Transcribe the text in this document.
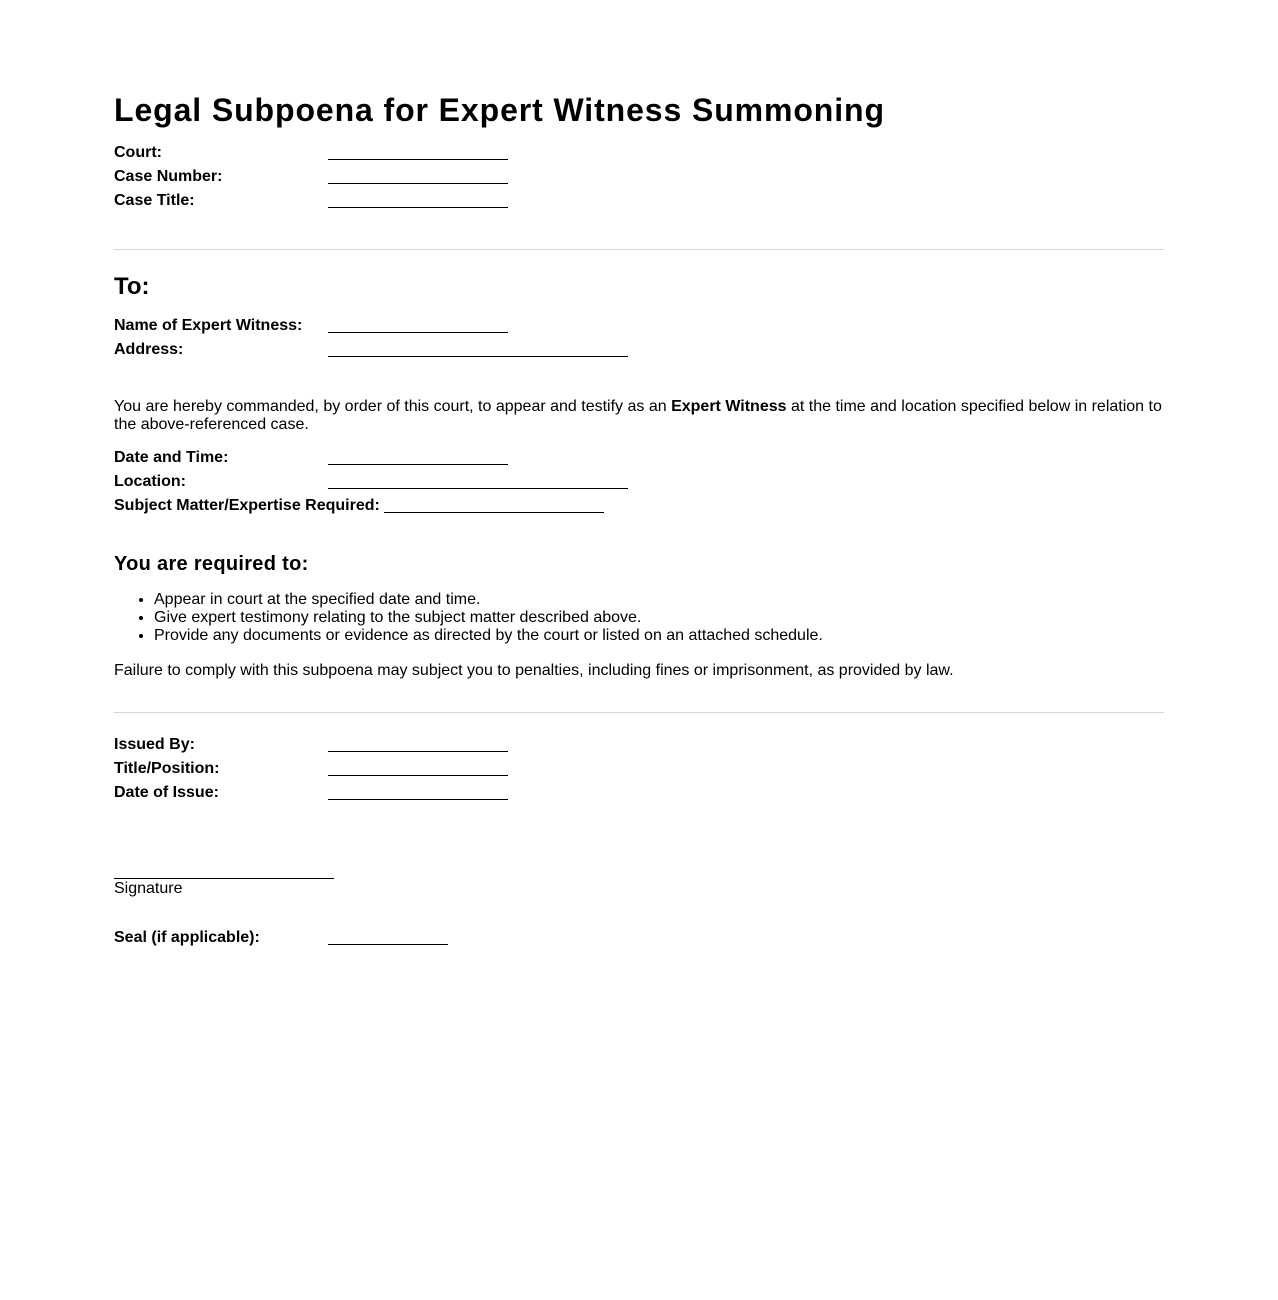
Legal Subpoena for Expert Witness Summoning
Court:
Case Number:
Case Title:
To:
Name of Expert Witness:
Address:

You are hereby commanded, by order of this court, to appear and testify as an Expert Witness at the time and location specified below in relation to the above-referenced case.

Date and Time:
Location:
Subject Matter/Expertise Required:
You are required to:
• Appear in court at the specified date and time.
• Give expert testimony relating to the subject matter described above.
• Provide any documents or evidence as directed by the court or listed on an attached schedule.

Failure to comply with this subpoena may subject you to penalties, including fines or imprisonment, as provided by law.

Issued By:
Title/Position:
Date of Issue:
Signature
Seal (if applicable):
